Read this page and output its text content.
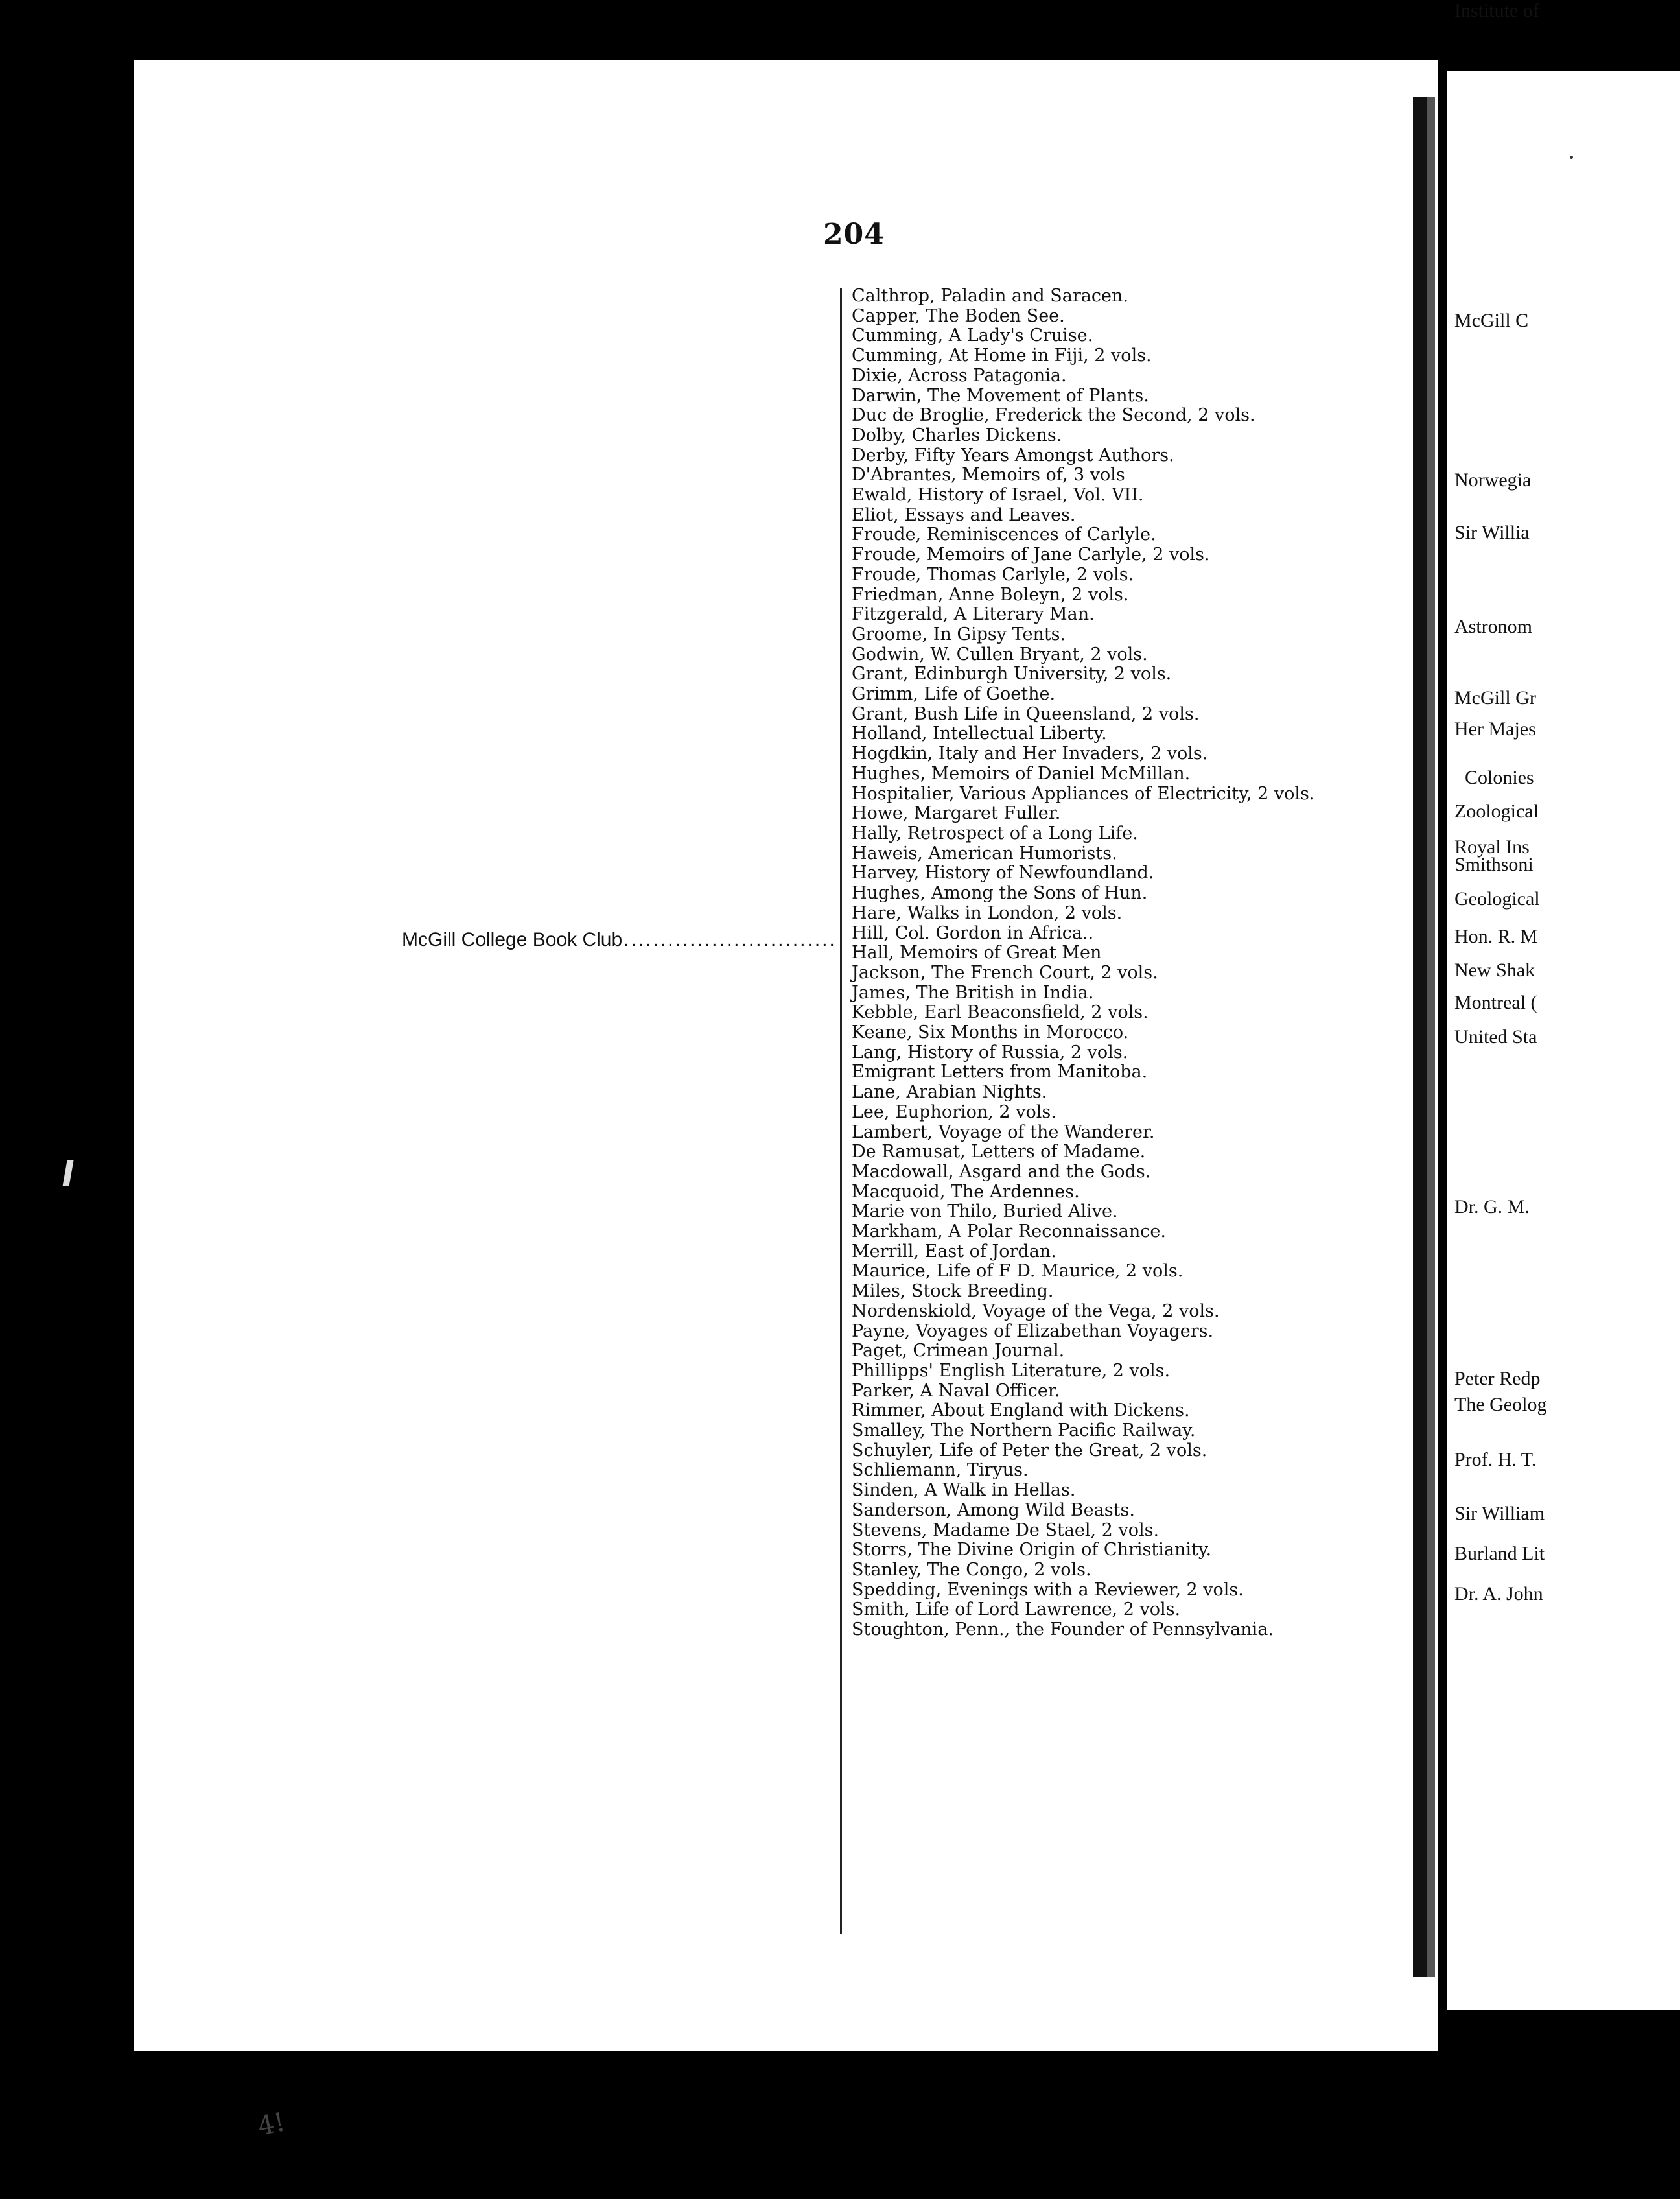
204
McGill College Book Club
.....
Calthrop, Paladin and Saracen.
Capper, The Boden See.
Cumming, A Lady's Cruise.
Cumming, At Home in Fiji, 2 vols.
Dixie, Across Patagonia.
Darwin, The Movement of Plants.
Duc de Broglie, Frederick the Second, 2 vols.
Dolby, Charles Dickens.
Derby, Fifty Years Amongst Authors.
D'Abrantes, Memoirs of, 3 vols
Ewald, History of Israel, Vol. VII.
Eliot, Essays and Leaves.
Froude, Reminiscences of Carlyle.
Froude, Memoirs of Jane Carlyle, 2 vols.
Froude, Thomas Carlyle, 2 vols.
Friedman, Anne Boleyn, 2 vols.
Fitzgerald, A Literary Man.
Groome, In Gipsy Tents.
Godwin, W. Cullen Bryant, 2 vols.
Grant, Edinburgh University, 2 vols.
Grimm, Life of Goethe.
Grant, Bush Life in Queensland, 2 vols.
Holland, Intellectual Liberty.
Hogdkin, Italy and Her Invaders, 2 vols.
Hughes, Memoirs of Daniel McMillan.
Hospitalier, Various Appliances of Electricity, 2 vols.
Howe, Margaret Fuller.
Hally, Retrospect of a Long Life.
Haweis, American Humorists.
Harvey, History of Newfoundland.
Hughes, Among the Sons of Hun.
Hare, Walks in London, 2 vols.
Hill, Col. Gordon in Africa..
Hall, Memoirs of Great Men
Jackson, The French Court, 2 vols.
James, The British in India.
Kebble, Earl Beaconsfield, 2 vols.
Keane, Six Months in Morocco.
Lang, History of Russia, 2 vols.
Emigrant Letters from Manitoba.
Lane, Arabian Nights.
Lee, Euphorion, 2 vols.
Lambert, Voyage of the Wanderer.
De Ramusat, Letters of Madame.
Macdowall, Asgard and the Gods.
Macquoid, The Ardennes.
Marie von Thilo, Buried Alive.
Markham, A Polar Reconnaissance.
Merrill, East of Jordan.
Maurice, Life of F D. Maurice, 2 vols.
Miles, Stock Breeding.
Nordenskiold, Voyage of the Vega, 2 vols.
Payne, Voyages of Elizabethan Voyagers.
Paget, Crimean Journal.
Phillipps' English Literature, 2 vols.
Parker, A Naval Officer.
Rimmer, About England with Dickens.
Smalley, The Northern Pacific Railway.
Schuyler, Life of Peter the Great, 2 vols.
Schliemann, Tiryus.
Sinden, A Walk in Hellas.
Sanderson, Among Wild Beasts.
Stevens, Madame De Stael, 2 vols.
Storrs, The Divine Origin of Christianity.
Stanley, The Congo, 2 vols.
Spedding, Evenings with a Reviewer, 2 vols.
Smith, Life of Lord Lawrence, 2 vols.
Stoughton, Penn., the Founder of Pennsylvania.
McGill C
Norwegia
Sir Willia
Astronom
McGill Gr
Her Majes
Colonies
Zoological
Royal Ins
Smithsoni
Geological
Hon. R. M
New Shak
Montreal (
United Sta
Dr. G. M.
Peter Redp
The Geolog
Prof. H. T.
Sir William
Burland Lit
Dr. A. John
Institute of
4!
